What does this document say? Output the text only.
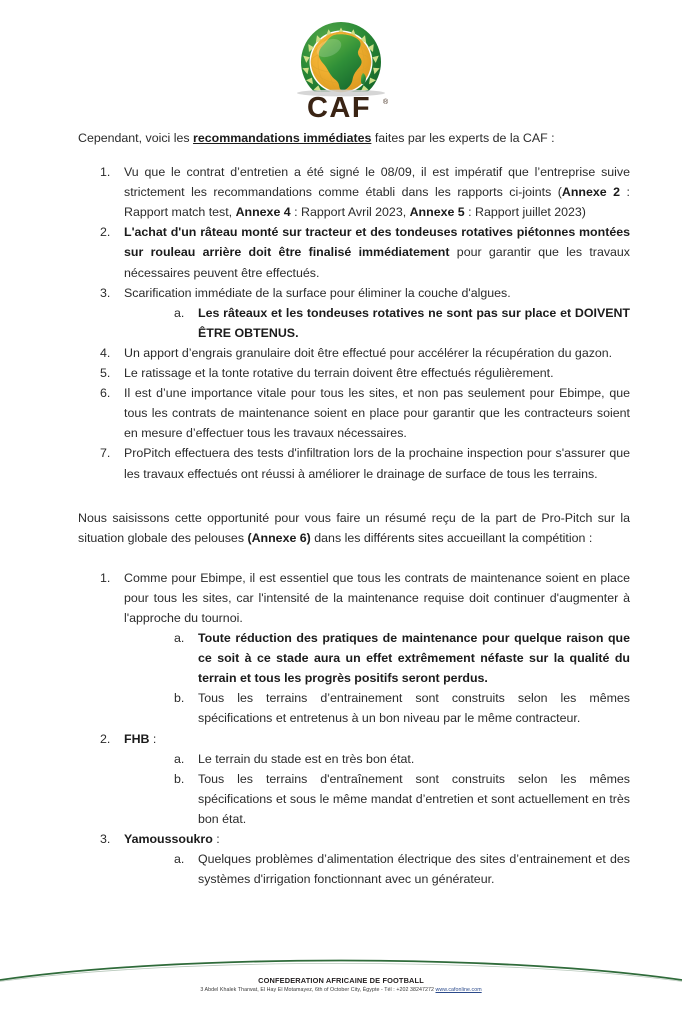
CAF ®

Cependant, voici les recommandations immédiates faites par les experts de la CAF :

1.	Vu que le contrat d’entretien a été signé le 08/09, il est impératif que l’entreprise suive strictement les recommandations comme établi dans les rapports ci-joints (Annexe 2 : Rapport match test, Annexe 4 : Rapport Avril 2023, Annexe 5 : Rapport juillet 2023)
2.	L'achat d'un râteau monté sur tracteur et des tondeuses rotatives piétonnes montées sur rouleau arrière doit être finalisé immédiatement pour garantir que les travaux nécessaires peuvent être effectués.
3.	Scarification immédiate de la surface pour éliminer la couche d'algues.
a.	Les râteaux et les tondeuses rotatives ne sont pas sur place et DOIVENT ÊTRE OBTENUS.
4.	Un apport d’engrais granulaire doit être effectué pour accélérer la récupération du gazon.
5.	Le ratissage et la tonte rotative du terrain doivent être effectués régulièrement.
6.	Il est d’une importance vitale pour tous les sites, et non pas seulement pour Ebimpe, que tous les contrats de maintenance soient en place pour garantir que les contracteurs soient en mesure d’effectuer tous les travaux nécessaires.
7.	ProPitch effectuera des tests d'infiltration lors de la prochaine inspection pour s'assurer que les travaux effectués ont réussi à améliorer le drainage de surface de tous les terrains.

Nous saisissons cette opportunité pour vous faire un résumé reçu de la part de Pro-Pitch sur la situation globale des pelouses (Annexe 6) dans les différents sites accueillant la compétition :

1.	Comme pour Ebimpe, il est essentiel que tous les contrats de maintenance soient en place pour tous les sites, car l'intensité de la maintenance requise doit continuer d'augmenter à l'approche du tournoi.
a.	Toute réduction des pratiques de maintenance pour quelque raison que ce soit à ce stade aura un effet extrêmement néfaste sur la qualité du terrain et tous les progrès positifs seront perdus.
b.	Tous les terrains d’entrainement sont construits selon les mêmes spécifications et entretenus à un bon niveau par le même contracteur.
2.	FHB :
a.	Le terrain du stade est en très bon état.
b.	Tous les terrains d'entraînement sont construits selon les mêmes spécifications et sous le même mandat d’entretien et sont actuellement en très bon état.
3.	Yamoussoukro :
a.	Quelques problèmes d’alimentation électrique des sites d’entrainement et des systèmes d'irrigation fonctionnant avec un générateur.

CONFEDERATION AFRICAINE DE FOOTBALL

3 Abdel Khalek Tharwat, El Hay El Motamayez, 6th of October City, Égypte - Tél : +202 38247272 www.cafonline.com
